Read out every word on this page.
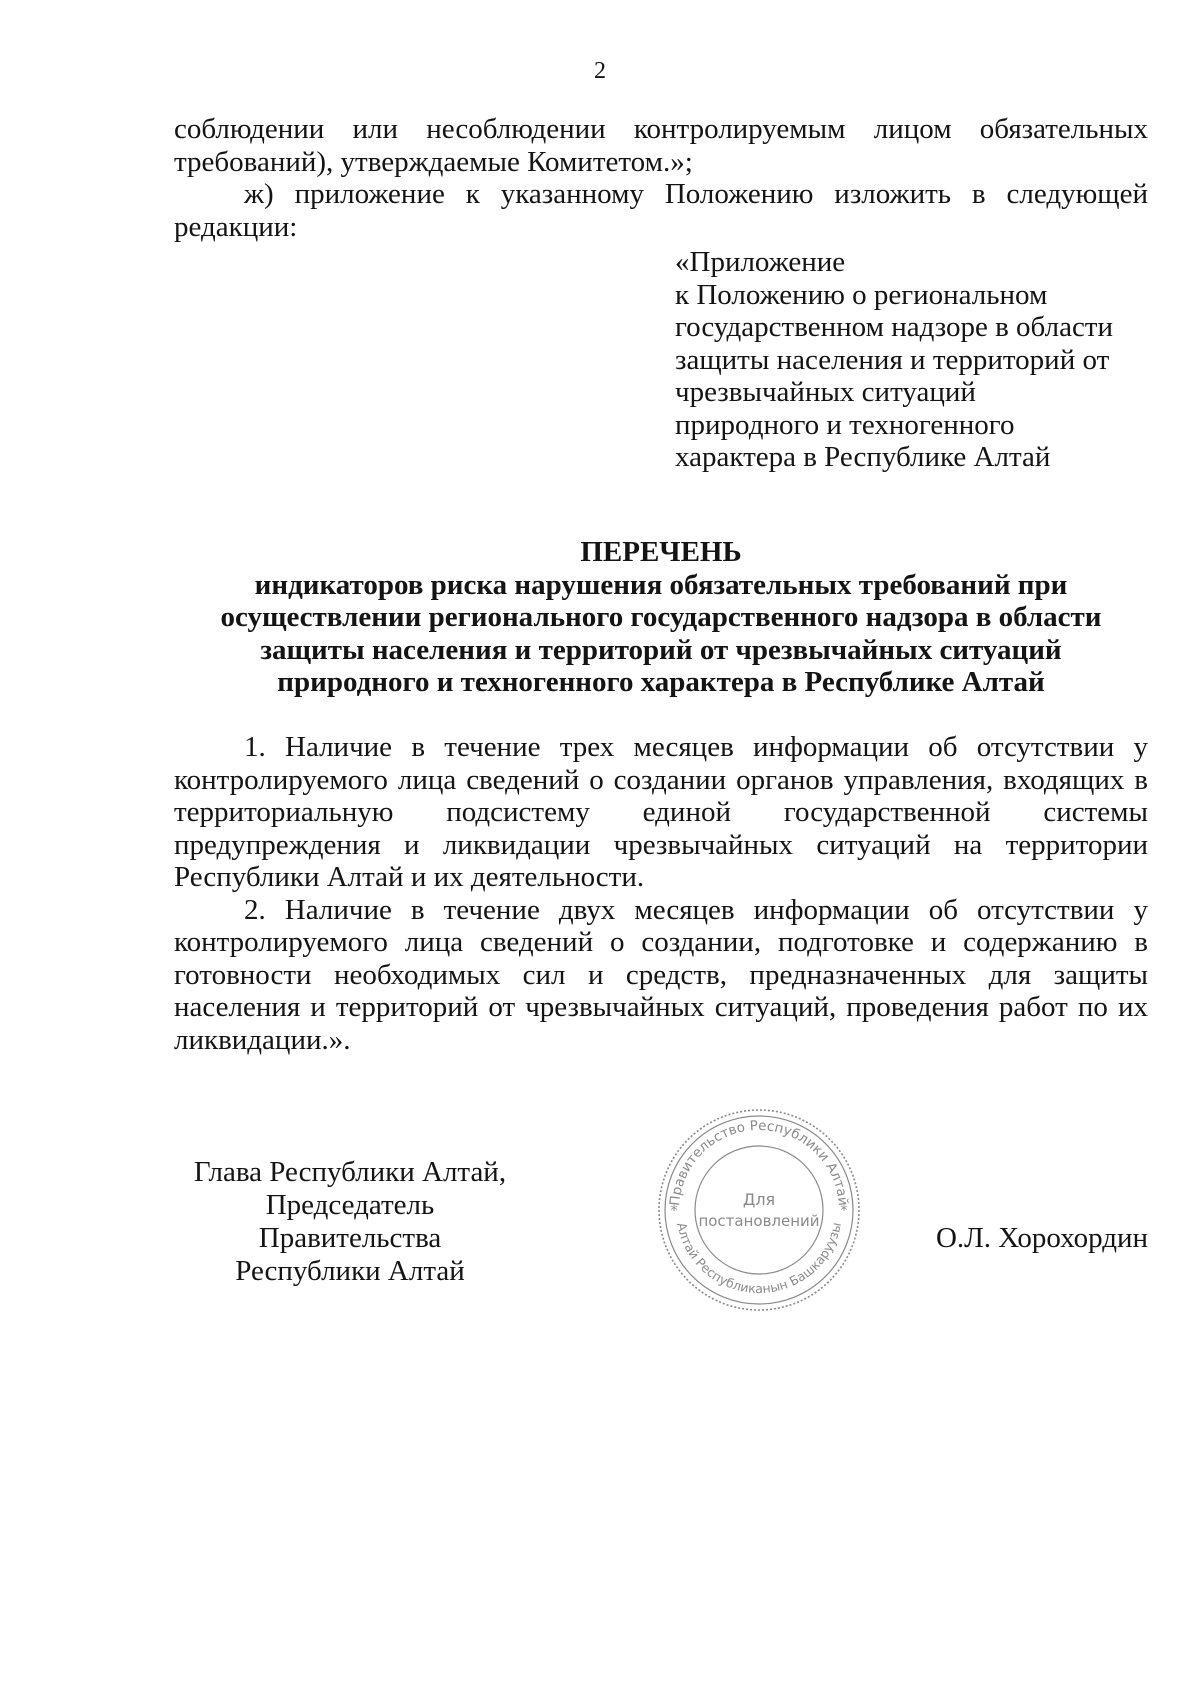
2

соблюдении или несоблюдении контролируемым лицом обязательных требований), утверждаемые Комитетом.»;

ж) приложение к указанному Положению изложить в следующей редакции:

«Приложение
к Положению о региональном
государственном надзоре в области
защиты населения и территорий от
чрезвычайных ситуаций
природного и техногенного
характера в Республике Алтай
ПЕРЕЧЕНЬ
индикаторов риска нарушения обязательных требований при
осуществлении регионального государственного надзора в области
защиты населения и территорий от чрезвычайных ситуаций
природного и техногенного характера в Республике Алтай

1. Наличие в течение трех месяцев информации об отсутствии у контролируемого лица сведений о создании органов управления, входящих в территориальную подсистему единой государственной системы предупреждения и ликвидации чрезвычайных ситуаций на территории Республики Алтай и их деятельности.

2. Наличие в течение двух месяцев информации об отсутствии у контролируемого лица сведений о создании, подготовке и содержанию в готовности необходимых сил и средств, предназначенных для защиты населения и территорий от чрезвычайных ситуаций, проведения работ по их ликвидации.».

Глава Республики Алтай,
Председатель Правительства
Республики Алтай
Правительство Республики Алтай
Алтай Республиканын Башкаруузы
*	*
Для
постановлений
О.Л. Хорохордин
